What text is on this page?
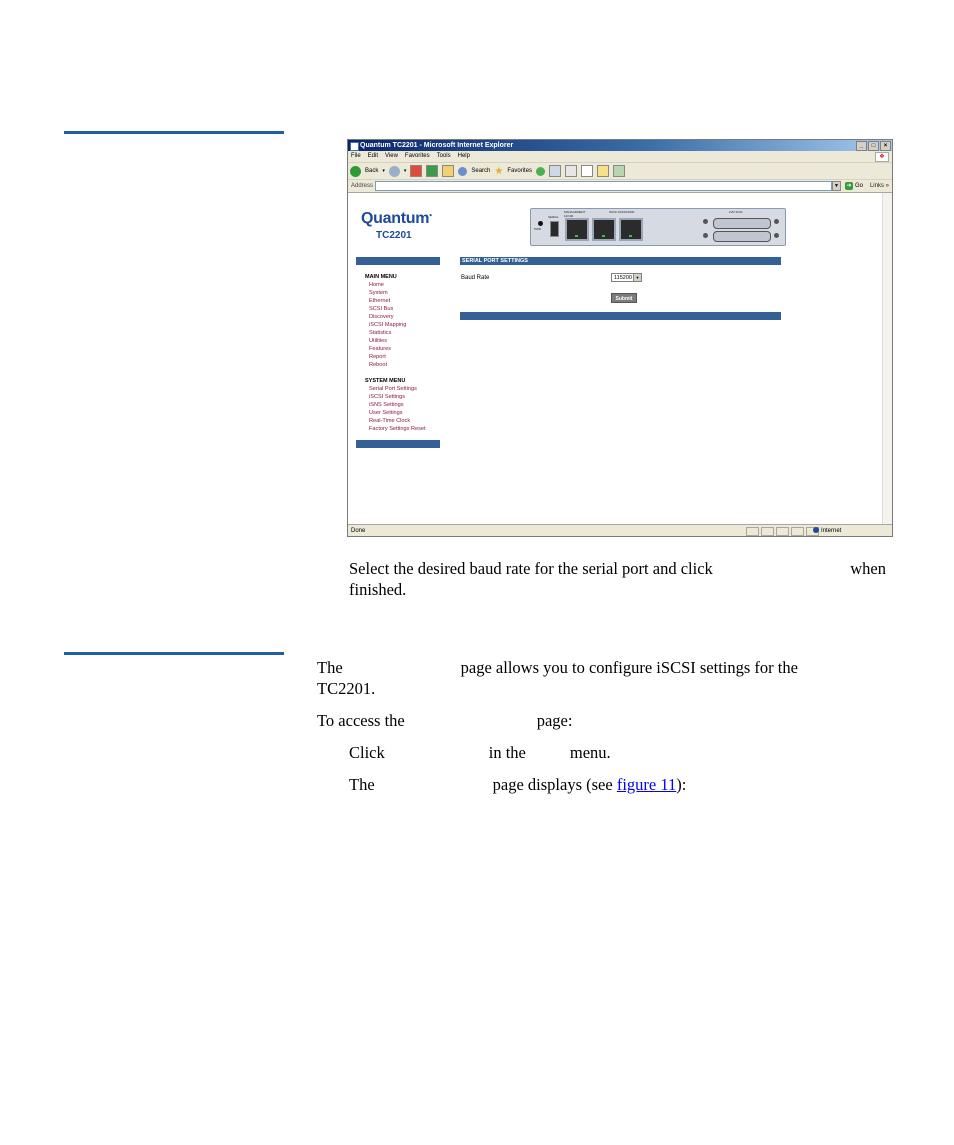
Quantum TC2201 - Microsoft Internet Explorer	_	□	×
File Edit View Favorites Tools Help	❖
Back ▾	▾	Search ★ Favorites
Address	▼	➜ Go	Links »
Quantum●
TC2201
PWR
SERIAL
MANAGEMENT 10/100
ISCSI 10/100/1000	LVD SCSI
MAIN MENU
Home
System
Ethernet
SCSI Bus
Discovery
iSCSI Mapping
Statistics
Utilities
Features
Report
Reboot
SYSTEM MENU
Serial Port Settings
iSCSI Settings
iSNS Settings
User Settings
Real-Time Clock
Factory Settings Reset
SERIAL PORT SETTINGS
Baud Rate	115200 ▼
Submit
Done	Internet
Select the desired baud rate for the serial port and click	when
finished.
The	page allows you to configure iSCSI settings for the
TC2201.
To access the	page:
Click	in the	menu.
The	page displays (see figure 11):
